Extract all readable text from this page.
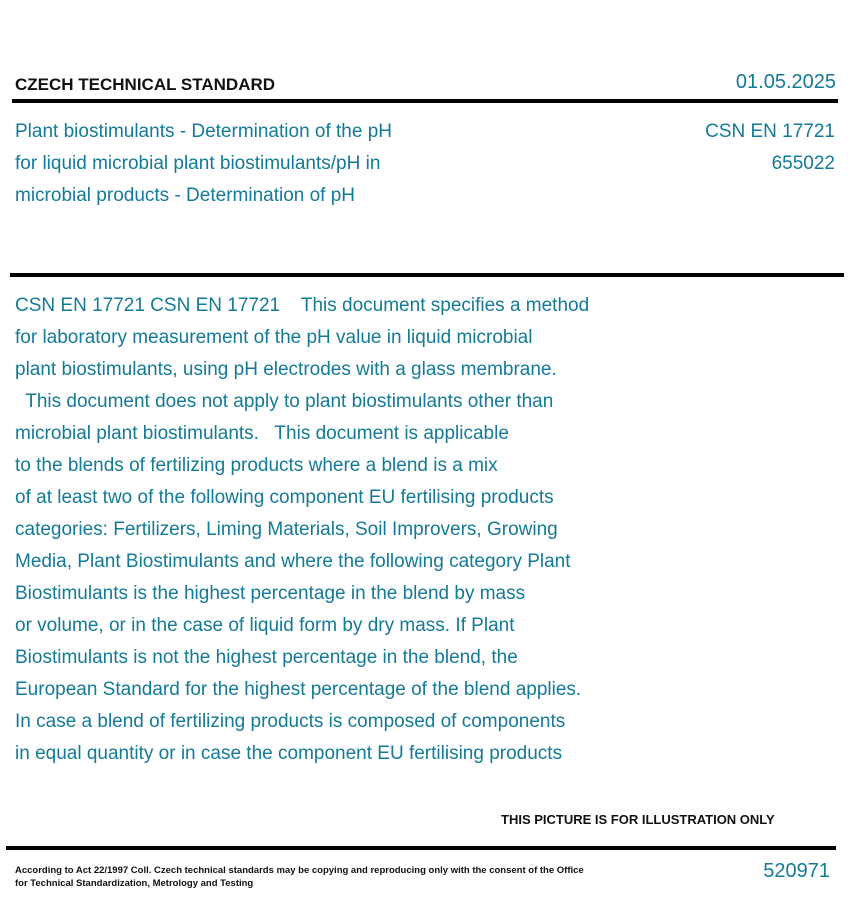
CZECH TECHNICAL STANDARD	01.05.2025
Plant biostimulants - Determination of the pH
for liquid microbial plant biostimulants/pH in
microbial products - Determination of pH
CSN EN 17721
655022
CSN EN 17721 CSN EN 17721    This document specifies a method
for laboratory measurement of the pH value in liquid microbial
plant biostimulants, using pH electrodes with a glass membrane.
This document does not apply to plant biostimulants other than
microbial plant biostimulants.   This document is applicable
to the blends of fertilizing products where a blend is a mix
of at least two of the following component EU fertilising products
categories: Fertilizers, Liming Materials, Soil Improvers, Growing
Media, Plant Biostimulants and where the following category Plant
Biostimulants is the highest percentage in the blend by mass
or volume, or in the case of liquid form by dry mass. If Plant
Biostimulants is not the highest percentage in the blend, the
European Standard for the highest percentage of the blend applies.
In case a blend of fertilizing products is composed of components
in equal quantity or in case the component EU fertilising products
THIS PICTURE IS FOR ILLUSTRATION ONLY
According to Act 22/1997 Coll. Czech technical standards may be copying and reproducing only with the consent of the Office
for Technical Standardization, Metrology and Testing
520971
